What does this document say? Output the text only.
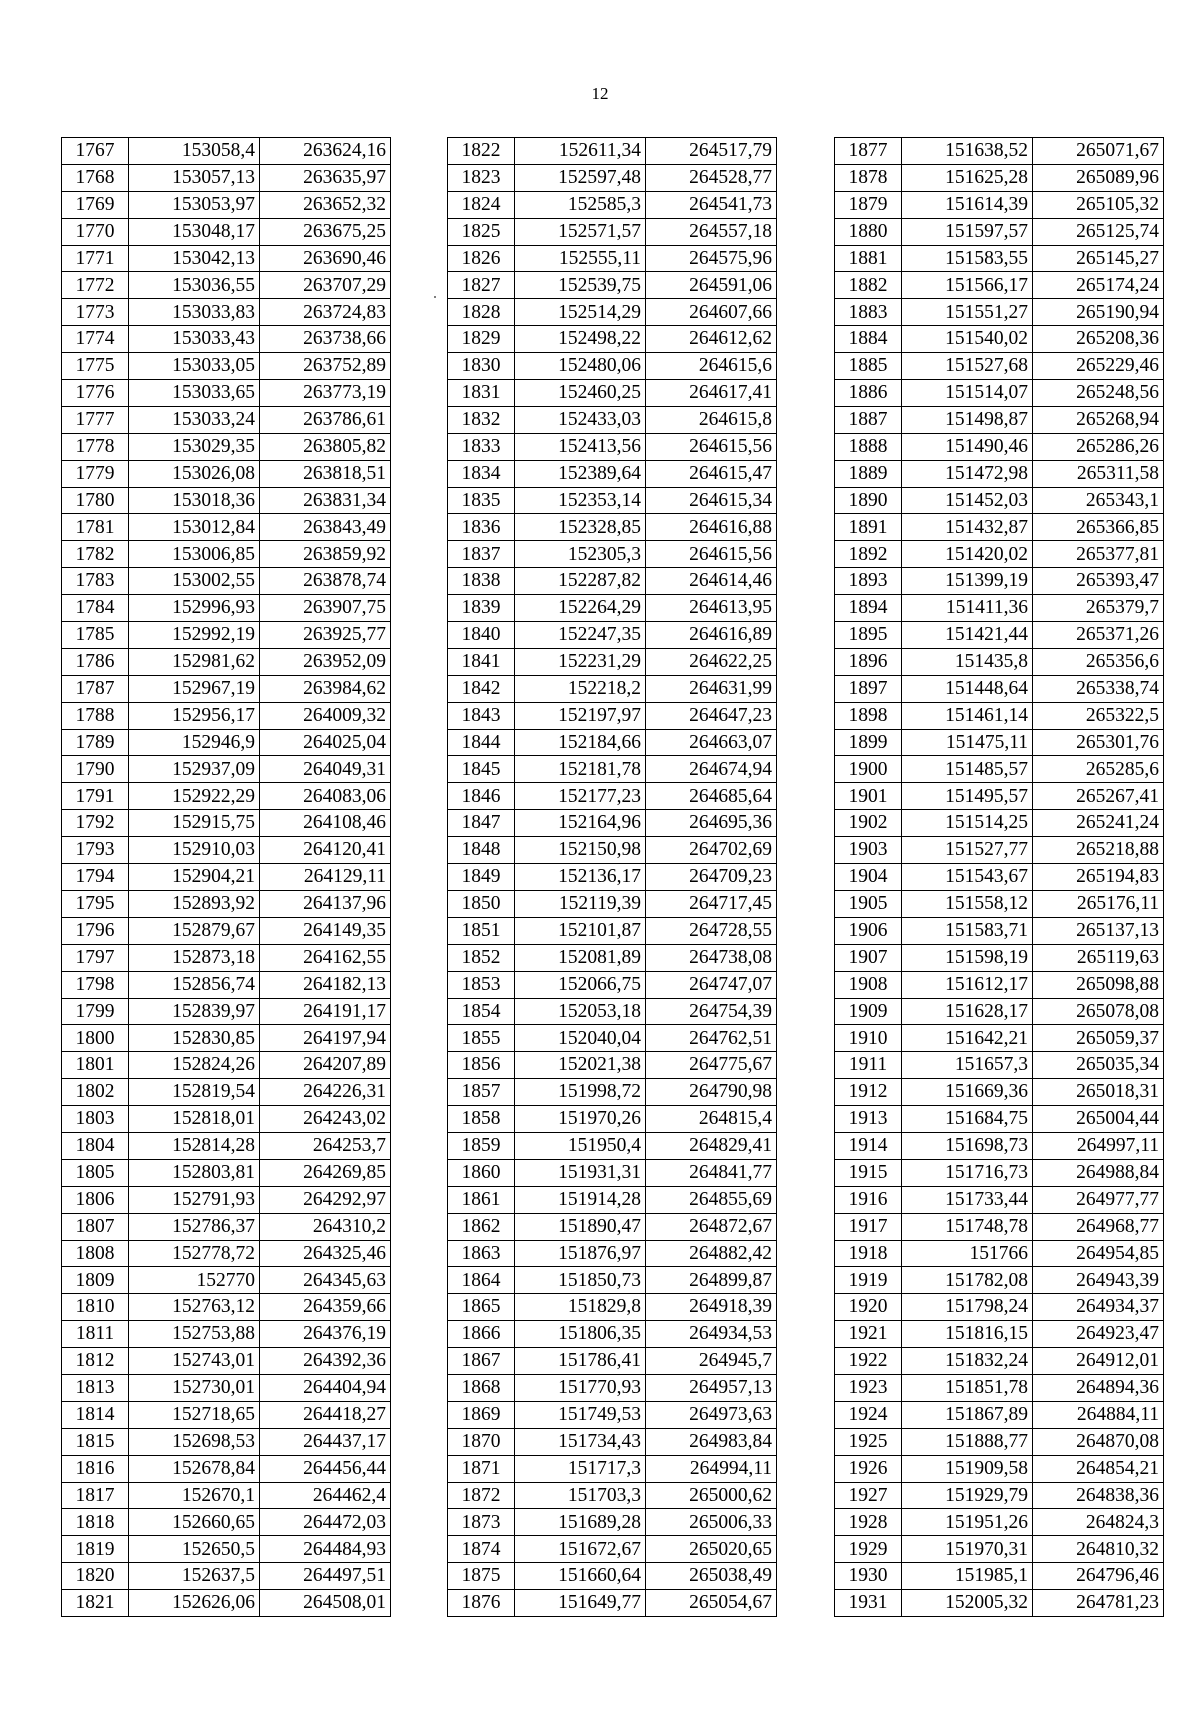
12
1767	153058,4	263624,16
1768	153057,13	263635,97
1769	153053,97	263652,32
1770	153048,17	263675,25
1771	153042,13	263690,46
1772	153036,55	263707,29
1773	153033,83	263724,83
1774	153033,43	263738,66
1775	153033,05	263752,89
1776	153033,65	263773,19
1777	153033,24	263786,61
1778	153029,35	263805,82
1779	153026,08	263818,51
1780	153018,36	263831,34
1781	153012,84	263843,49
1782	153006,85	263859,92
1783	153002,55	263878,74
1784	152996,93	263907,75
1785	152992,19	263925,77
1786	152981,62	263952,09
1787	152967,19	263984,62
1788	152956,17	264009,32
1789	152946,9	264025,04
1790	152937,09	264049,31
1791	152922,29	264083,06
1792	152915,75	264108,46
1793	152910,03	264120,41
1794	152904,21	264129,11
1795	152893,92	264137,96
1796	152879,67	264149,35
1797	152873,18	264162,55
1798	152856,74	264182,13
1799	152839,97	264191,17
1800	152830,85	264197,94
1801	152824,26	264207,89
1802	152819,54	264226,31
1803	152818,01	264243,02
1804	152814,28	264253,7
1805	152803,81	264269,85
1806	152791,93	264292,97
1807	152786,37	264310,2
1808	152778,72	264325,46
1809	152770	264345,63
1810	152763,12	264359,66
1811	152753,88	264376,19
1812	152743,01	264392,36
1813	152730,01	264404,94
1814	152718,65	264418,27
1815	152698,53	264437,17
1816	152678,84	264456,44
1817	152670,1	264462,4
1818	152660,65	264472,03
1819	152650,5	264484,93
1820	152637,5	264497,51
1821	152626,06	264508,01
1822	152611,34	264517,79
1823	152597,48	264528,77
1824	152585,3	264541,73
1825	152571,57	264557,18
1826	152555,11	264575,96
1827	152539,75	264591,06
1828	152514,29	264607,66
1829	152498,22	264612,62
1830	152480,06	264615,6
1831	152460,25	264617,41
1832	152433,03	264615,8
1833	152413,56	264615,56
1834	152389,64	264615,47
1835	152353,14	264615,34
1836	152328,85	264616,88
1837	152305,3	264615,56
1838	152287,82	264614,46
1839	152264,29	264613,95
1840	152247,35	264616,89
1841	152231,29	264622,25
1842	152218,2	264631,99
1843	152197,97	264647,23
1844	152184,66	264663,07
1845	152181,78	264674,94
1846	152177,23	264685,64
1847	152164,96	264695,36
1848	152150,98	264702,69
1849	152136,17	264709,23
1850	152119,39	264717,45
1851	152101,87	264728,55
1852	152081,89	264738,08
1853	152066,75	264747,07
1854	152053,18	264754,39
1855	152040,04	264762,51
1856	152021,38	264775,67
1857	151998,72	264790,98
1858	151970,26	264815,4
1859	151950,4	264829,41
1860	151931,31	264841,77
1861	151914,28	264855,69
1862	151890,47	264872,67
1863	151876,97	264882,42
1864	151850,73	264899,87
1865	151829,8	264918,39
1866	151806,35	264934,53
1867	151786,41	264945,7
1868	151770,93	264957,13
1869	151749,53	264973,63
1870	151734,43	264983,84
1871	151717,3	264994,11
1872	151703,3	265000,62
1873	151689,28	265006,33
1874	151672,67	265020,65
1875	151660,64	265038,49
1876	151649,77	265054,67
1877	151638,52	265071,67
1878	151625,28	265089,96
1879	151614,39	265105,32
1880	151597,57	265125,74
1881	151583,55	265145,27
1882	151566,17	265174,24
1883	151551,27	265190,94
1884	151540,02	265208,36
1885	151527,68	265229,46
1886	151514,07	265248,56
1887	151498,87	265268,94
1888	151490,46	265286,26
1889	151472,98	265311,58
1890	151452,03	265343,1
1891	151432,87	265366,85
1892	151420,02	265377,81
1893	151399,19	265393,47
1894	151411,36	265379,7
1895	151421,44	265371,26
1896	151435,8	265356,6
1897	151448,64	265338,74
1898	151461,14	265322,5
1899	151475,11	265301,76
1900	151485,57	265285,6
1901	151495,57	265267,41
1902	151514,25	265241,24
1903	151527,77	265218,88
1904	151543,67	265194,83
1905	151558,12	265176,11
1906	151583,71	265137,13
1907	151598,19	265119,63
1908	151612,17	265098,88
1909	151628,17	265078,08
1910	151642,21	265059,37
1911	151657,3	265035,34
1912	151669,36	265018,31
1913	151684,75	265004,44
1914	151698,73	264997,11
1915	151716,73	264988,84
1916	151733,44	264977,77
1917	151748,78	264968,77
1918	151766	264954,85
1919	151782,08	264943,39
1920	151798,24	264934,37
1921	151816,15	264923,47
1922	151832,24	264912,01
1923	151851,78	264894,36
1924	151867,89	264884,11
1925	151888,77	264870,08
1926	151909,58	264854,21
1927	151929,79	264838,36
1928	151951,26	264824,3
1929	151970,31	264810,32
1930	151985,1	264796,46
1931	152005,32	264781,23
